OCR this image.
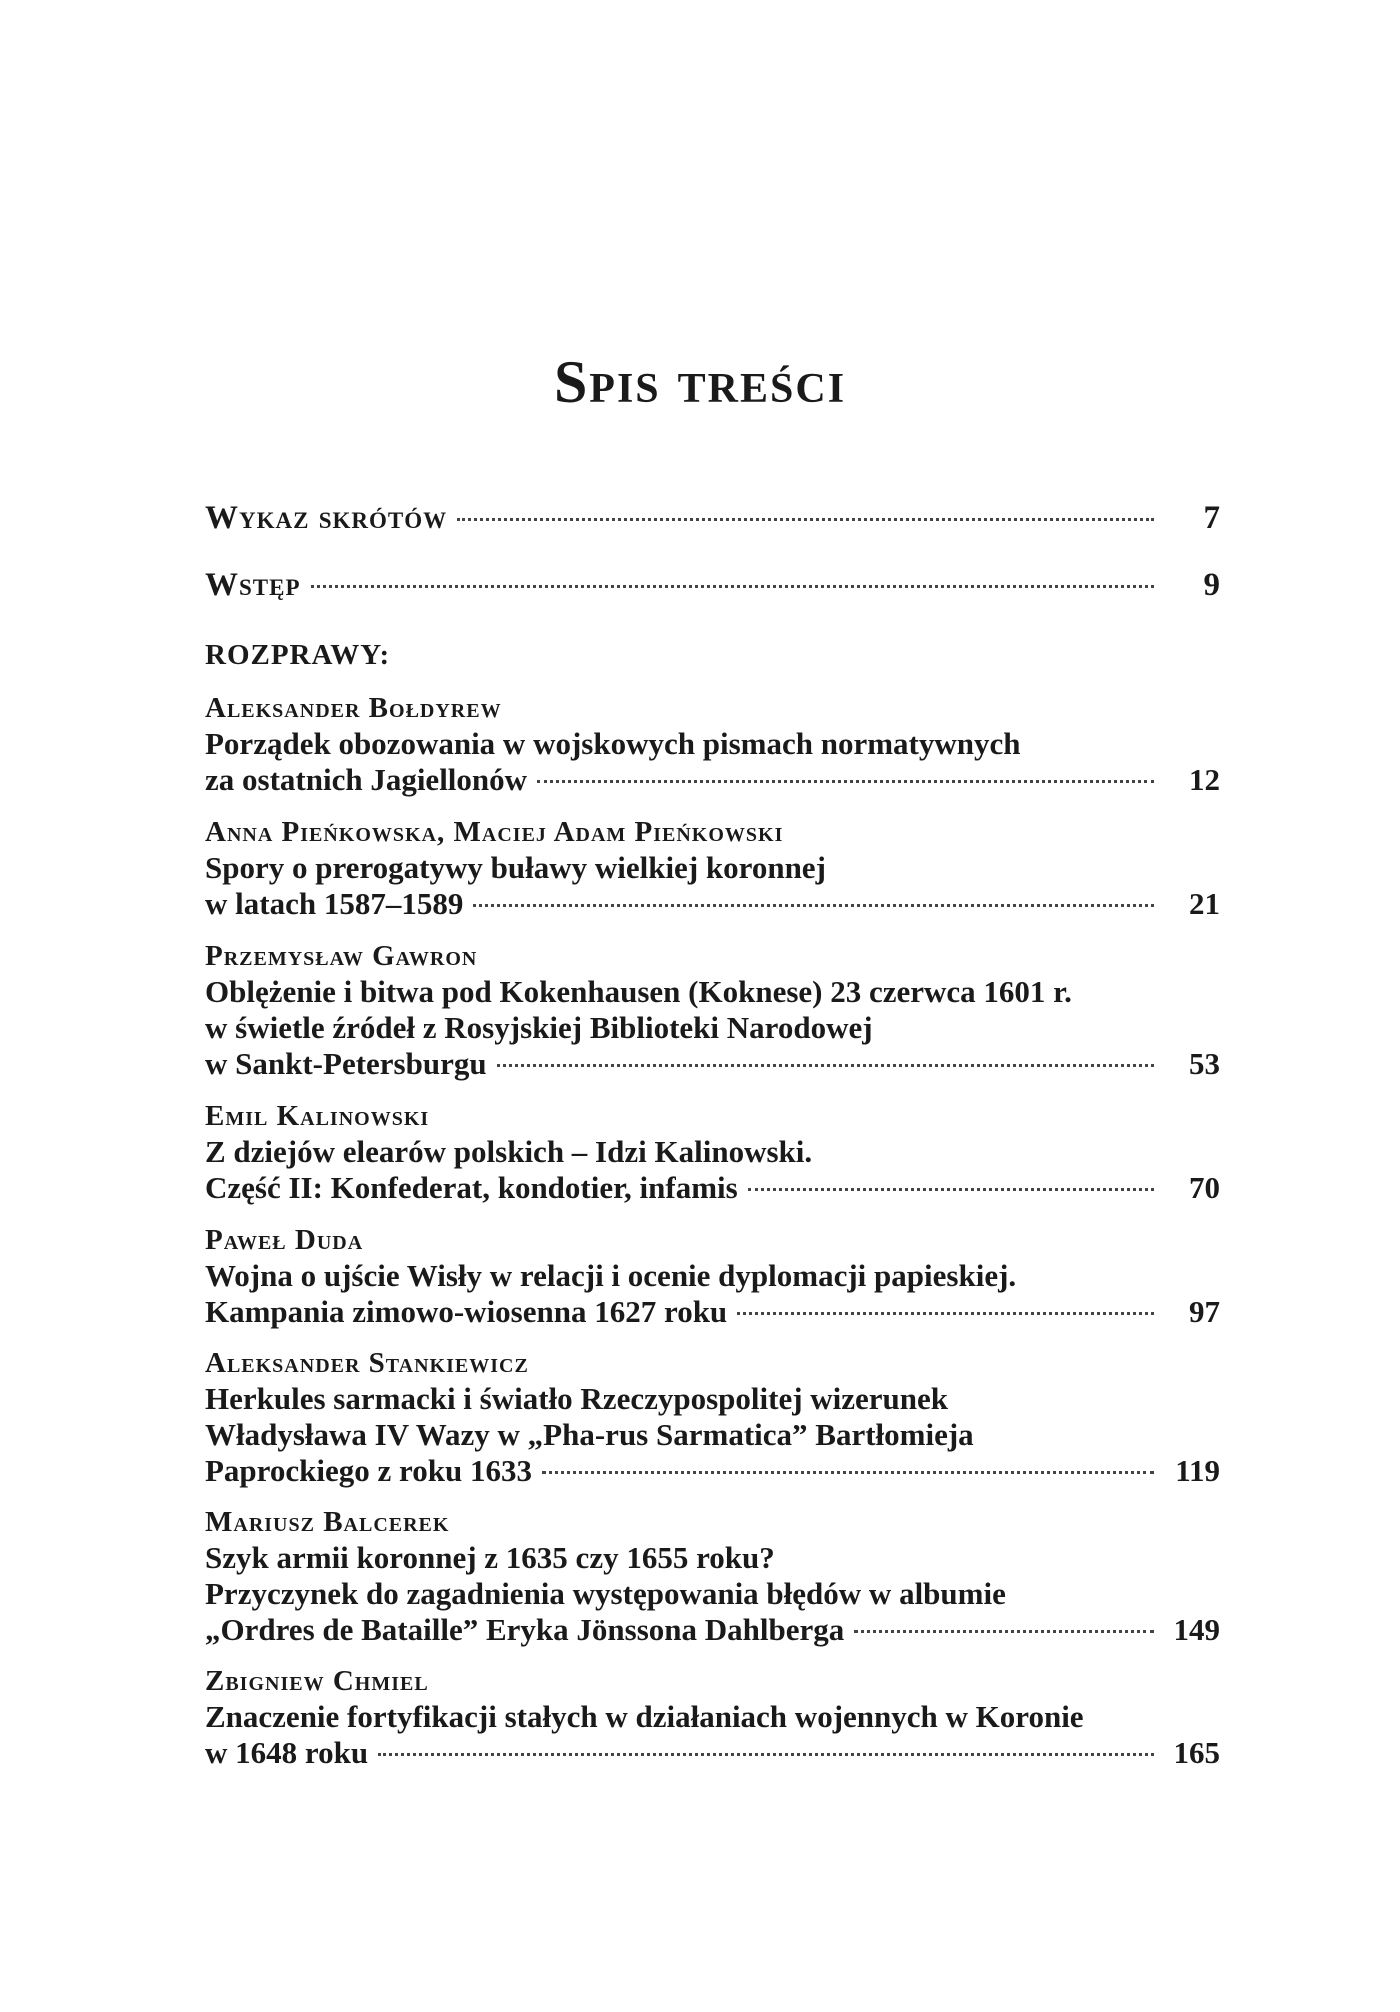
Spis treści
Wykaz skrótów	7
Wstęp	9
ROZPRAWY:
Aleksander Bołdyrew
Porządek obozowania w wojskowych pismach normatywnych
za ostatnich Jagiellonów	12
Anna Pieńkowska, Maciej Adam Pieńkowski
Spory o prerogatywy buławy wielkiej koronnej
w latach 1587–1589	21
Przemysław Gawron
Oblężenie i bitwa pod Kokenhausen (Koknese) 23 czerwca 1601 r.
w świetle źródeł z Rosyjskiej Biblioteki Narodowej
w Sankt-Petersburgu	53
Emil Kalinowski
Z dziejów elearów polskich – Idzi Kalinowski.
Część II: Konfederat, kondotier, infamis	70
Paweł Duda
Wojna o ujście Wisły w relacji i ocenie dyplomacji papieskiej.
Kampania zimowo-wiosenna 1627 roku	97
Aleksander Stankiewicz
Herkules sarmacki i światło Rzeczypospolitej wizerunek
Władysława IV Wazy w „Pha-rus Sarmatica” Bartłomieja
Paprockiego z roku 1633	119
Mariusz Balcerek
Szyk armii koronnej z 1635 czy 1655 roku?
Przyczynek do zagadnienia występowania błędów w albumie
„Ordres de Bataille” Eryka Jönssona Dahlberga	149
Zbigniew Chmiel
Znaczenie fortyfikacji stałych w działaniach wojennych w Koronie
w 1648 roku	165
